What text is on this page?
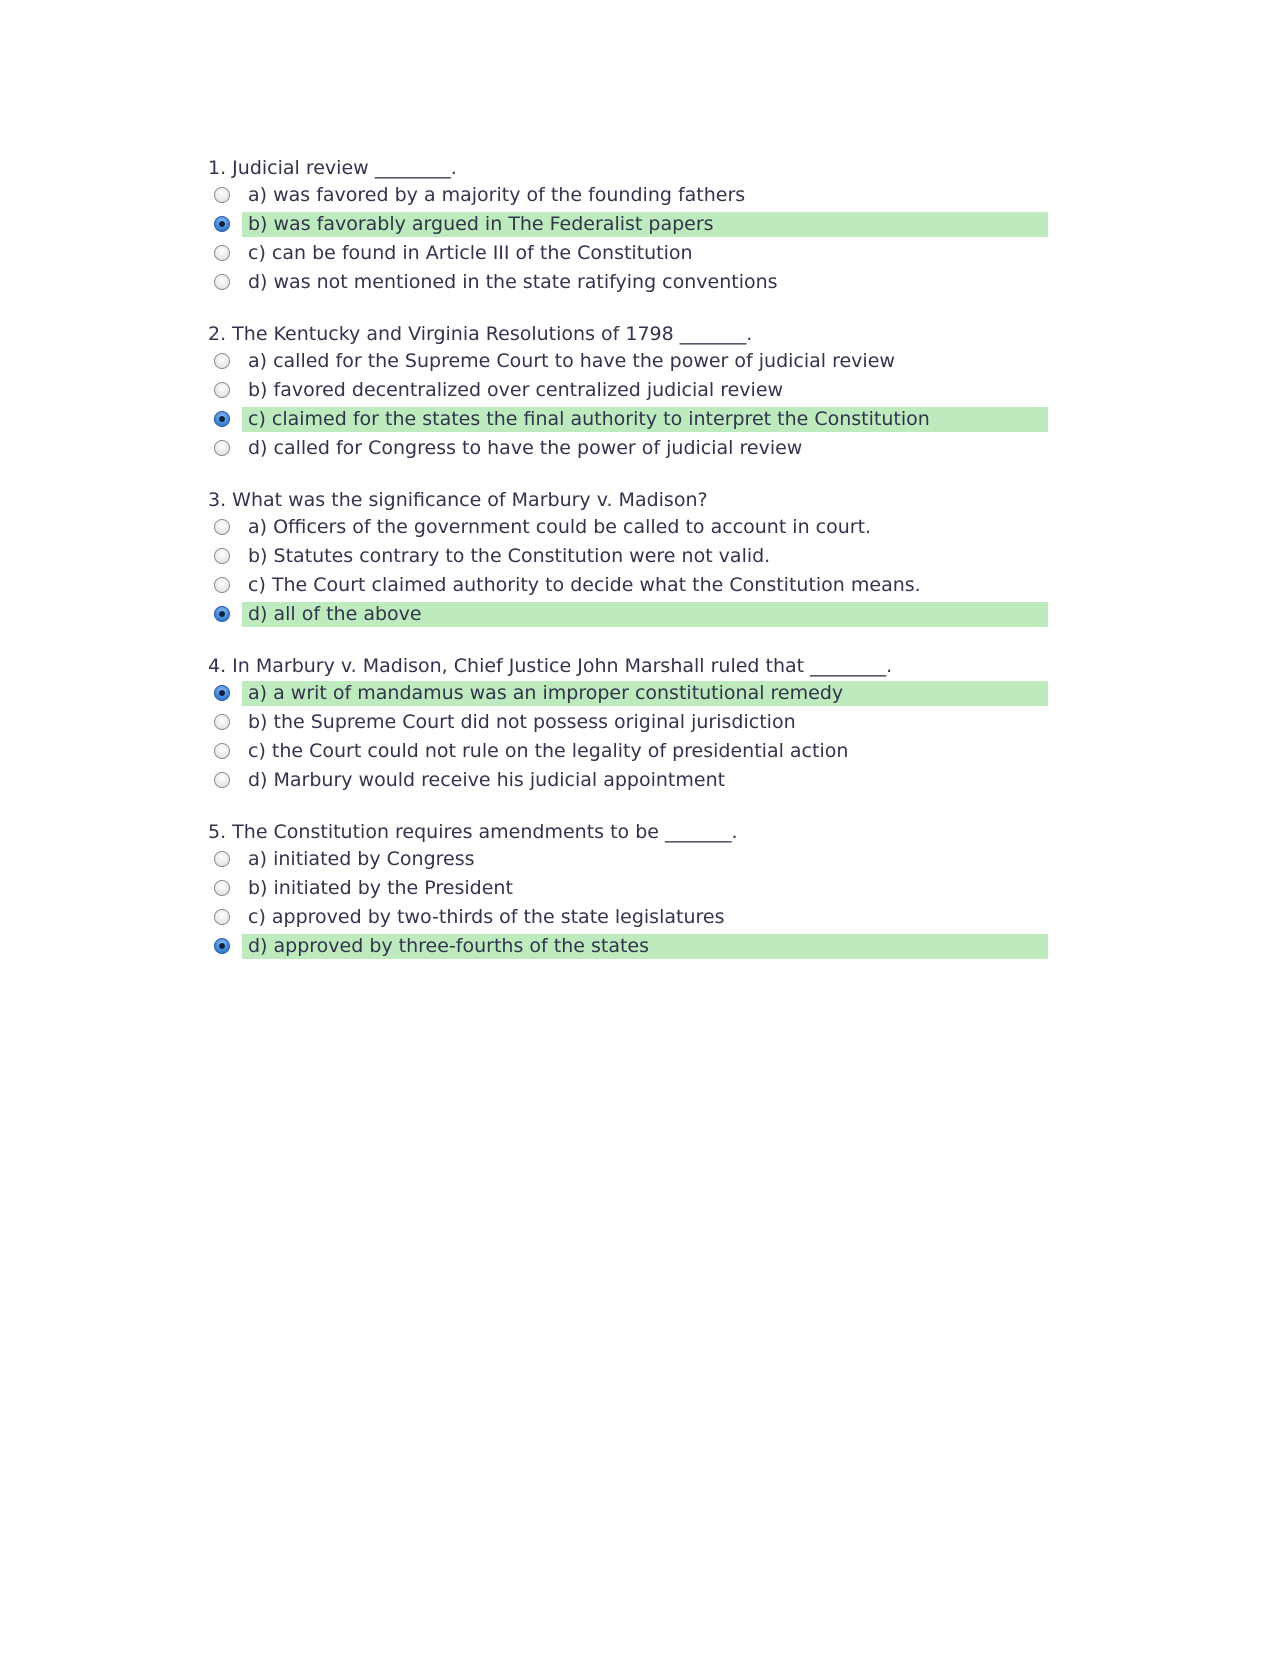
1. Judicial review ________.
a) was favored by a majority of the founding fathers
b) was favorably argued in The Federalist papers
c) can be found in Article III of the Constitution
d) was not mentioned in the state ratifying conventions
2. The Kentucky and Virginia Resolutions of 1798 _______.
a) called for the Supreme Court to have the power of judicial review
b) favored decentralized over centralized judicial review
c) claimed for the states the final authority to interpret the Constitution
d) called for Congress to have the power of judicial review
3. What was the significance of Marbury v. Madison?
a) Officers of the government could be called to account in court.
b) Statutes contrary to the Constitution were not valid.
c) The Court claimed authority to decide what the Constitution means.
d) all of the above
4. In Marbury v. Madison, Chief Justice John Marshall ruled that ________.
a) a writ of mandamus was an improper constitutional remedy
b) the Supreme Court did not possess original jurisdiction
c) the Court could not rule on the legality of presidential action
d) Marbury would receive his judicial appointment
5. The Constitution requires amendments to be _______.
a) initiated by Congress
b) initiated by the President
c) approved by two-thirds of the state legislatures
d) approved by three-fourths of the states
